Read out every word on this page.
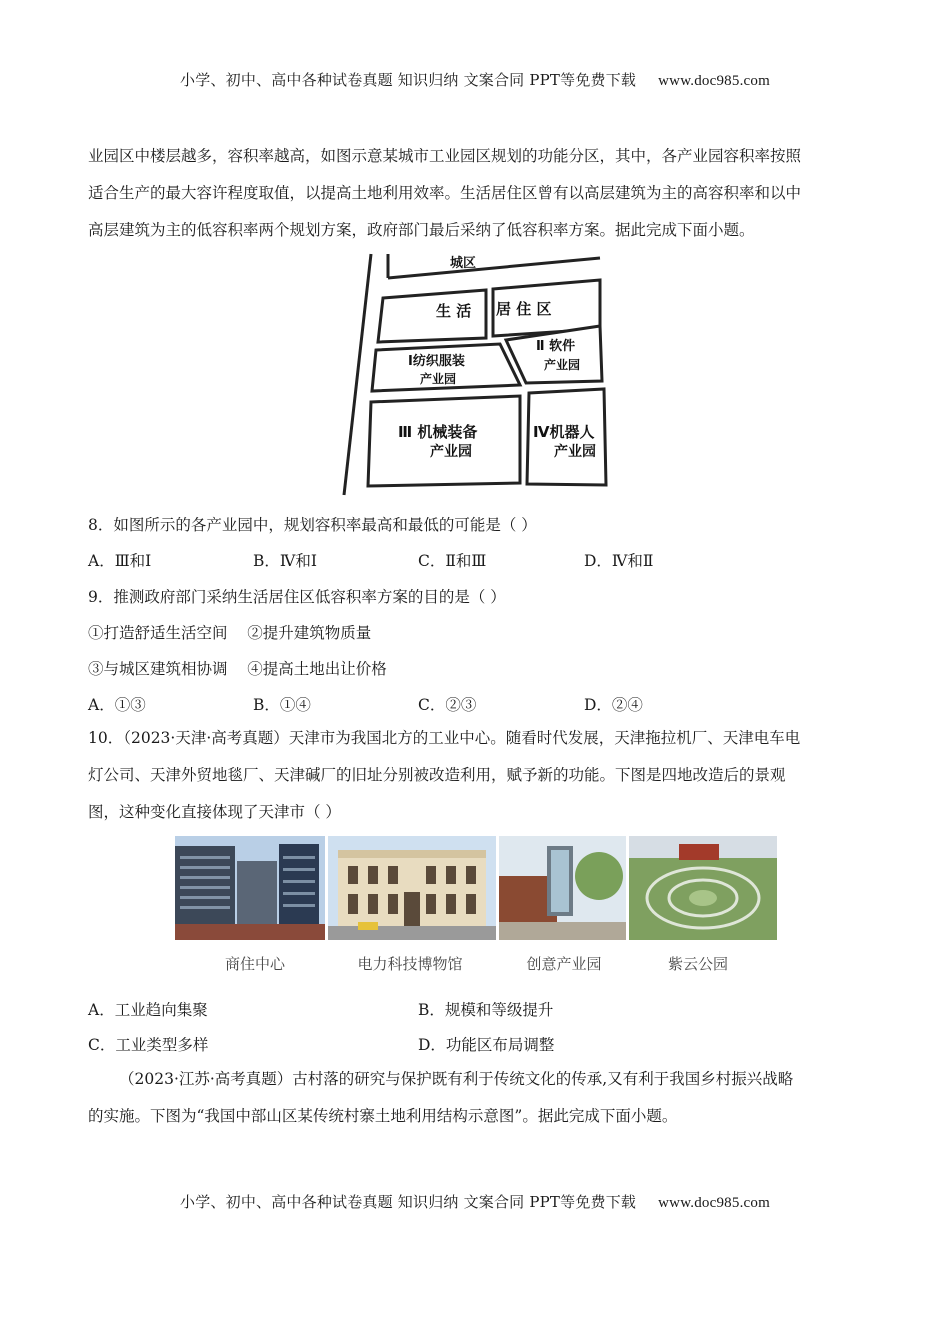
小学、初中、高中各种试卷真题 知识归纳 文案合同 PPT等免费下载 www.doc985.com
业园区中楼层越多，容积率越高，如图示意某城市工业园区规划的功能分区，其中，各产业园容积率按照
适合生产的最大容许程度取值，以提高土地利用效率。生活居住区曾有以高层建筑为主的高容积率和以中
高层建筑为主的低容积率两个规划方案，政府部门最后采纳了低容积率方案。据此完成下面小题。
城区
生 活 居 住 区
Ⅰ纺织服装
产业园
Ⅱ 软件
产业园
Ⅲ 机械装备
产业园
Ⅳ机器人
产业园
8．如图所示的各产业园中，规划容积率最高和最低的可能是（ ）
A．Ⅲ和Ⅰ	B．Ⅳ和Ⅰ	C．Ⅱ和Ⅲ	D．Ⅳ和Ⅱ
9．推测政府部门采纳生活居住区低容积率方案的目的是（ ）
①打造舒适生活空间    ②提升建筑物质量
③与城区建筑相协调    ④提高土地出让价格
A．①③	B．①④	C．②③	D．②④
10．（2023·天津·高考真题）天津市为我国北方的工业中心。随看时代发展，天津拖拉机厂、天津电车电
灯公司、天津外贸地毯厂、天津碱厂的旧址分别被改造利用，赋予新的功能。下图是四地改造后的景观
图，这种变化直接体现了天津市（ ）
商住中心	电力科技博物馆	创意产业园	紫云公园
A．工业趋向集聚	B．规模和等级提升
C．工业类型多样	D．功能区布局调整
（2023·江苏·高考真题）古村落的研究与保护既有利于传统文化的传承,又有利于我国乡村振兴战略
的实施。下图为“我国中部山区某传统村寨土地利用结构示意图”。据此完成下面小题。
小学、初中、高中各种试卷真题 知识归纳 文案合同 PPT等免费下载 www.doc985.com
